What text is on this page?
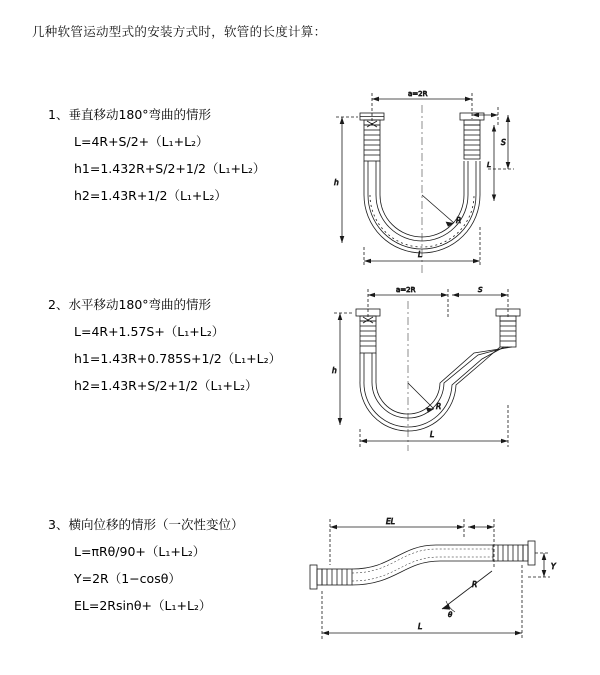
几种软管运动型式的安装方式时，软管的长度计算：
1、垂直移动180°弯曲的情形
L=4R+S/2+（L₁+L₂）
h1=1.432R+S/2+1/2（L₁+L₂）
h2=1.43R+1/2（L₁+L₂）
a=2R
R
h
S
L
L
2、水平移动180°弯曲的情形
L=4R+1.57S+（L₁+L₂）
h1=1.43R+0.785S+1/2（L₁+L₂）
h2=1.43R+S/2+1/2（L₁+L₂）
a=2R	S
R
h
L
3、横向位移的情形（一次性变位）
L=πRθ/90+（L₁+L₂）
Y=2R（1−cosθ）
EL=2Rsinθ+（L₁+L₂）
EL
θ
R
Y
L
